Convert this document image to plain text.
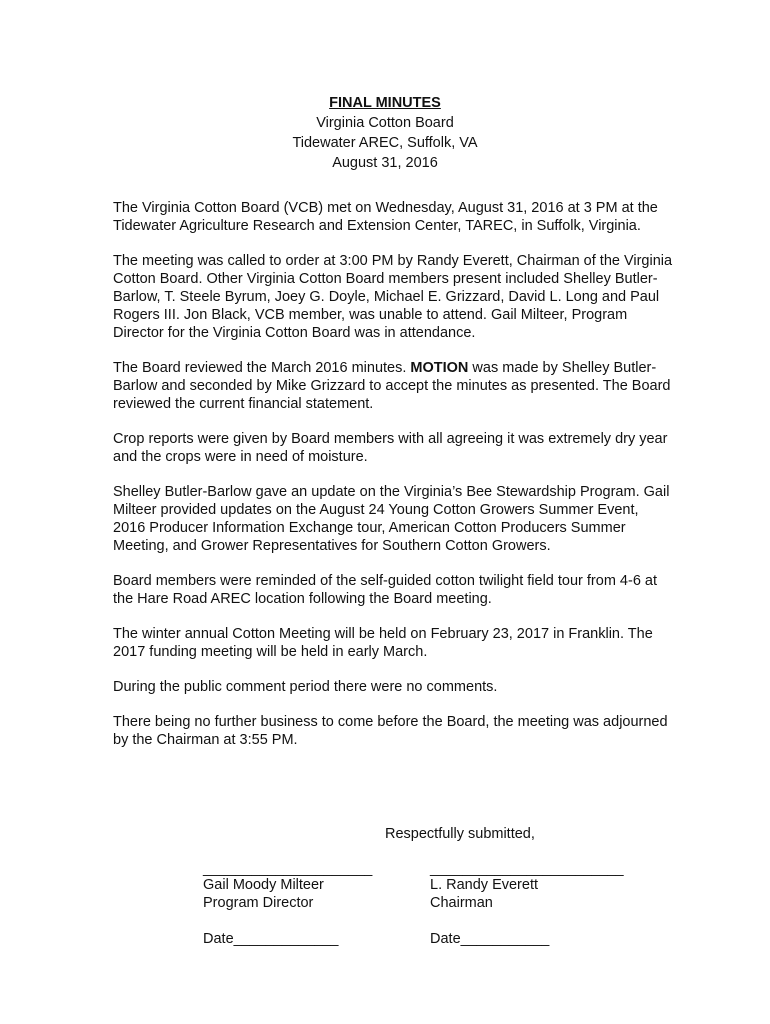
FINAL MINUTES
Virginia Cotton Board
Tidewater AREC, Suffolk, VA
August 31, 2016

The Virginia Cotton Board (VCB) met on Wednesday, August 31, 2016 at 3 PM at the Tidewater Agriculture Research and Extension Center, TAREC, in Suffolk, Virginia.

The meeting was called to order at 3:00 PM by Randy Everett, Chairman of the Virginia Cotton Board. Other Virginia Cotton Board members present included Shelley Butler-Barlow, T. Steele Byrum, Joey G. Doyle, Michael E. Grizzard, David L. Long and Paul Rogers III. Jon Black, VCB member, was unable to attend. Gail Milteer, Program Director for the Virginia Cotton Board was in attendance.

The Board reviewed the March 2016 minutes. MOTION was made by Shelley Butler-Barlow and seconded by Mike Grizzard to accept the minutes as presented. The Board reviewed the current financial statement.

Crop reports were given by Board members with all agreeing it was extremely dry year and the crops were in need of moisture.

Shelley Butler-Barlow gave an update on the Virginia’s Bee Stewardship Program. Gail Milteer provided updates on the August 24 Young Cotton Growers Summer Event, 2016 Producer Information Exchange tour, American Cotton Producers Summer Meeting, and Grower Representatives for Southern Cotton Growers.

Board members were reminded of the self-guided cotton twilight field tour from 4-6 at the Hare Road AREC location following the Board meeting.

The winter annual Cotton Meeting will be held on February 23, 2017 in Franklin. The 2017 funding meeting will be held in early March.

During the public comment period there were no comments.

There being no further business to come before the Board, the meeting was adjourned by the Chairman at 3:55 PM.

Respectfully submitted,
_____________________
Gail Moody Milteer
Program Director
Date_____________
________________________
L. Randy Everett
Chairman
Date___________
